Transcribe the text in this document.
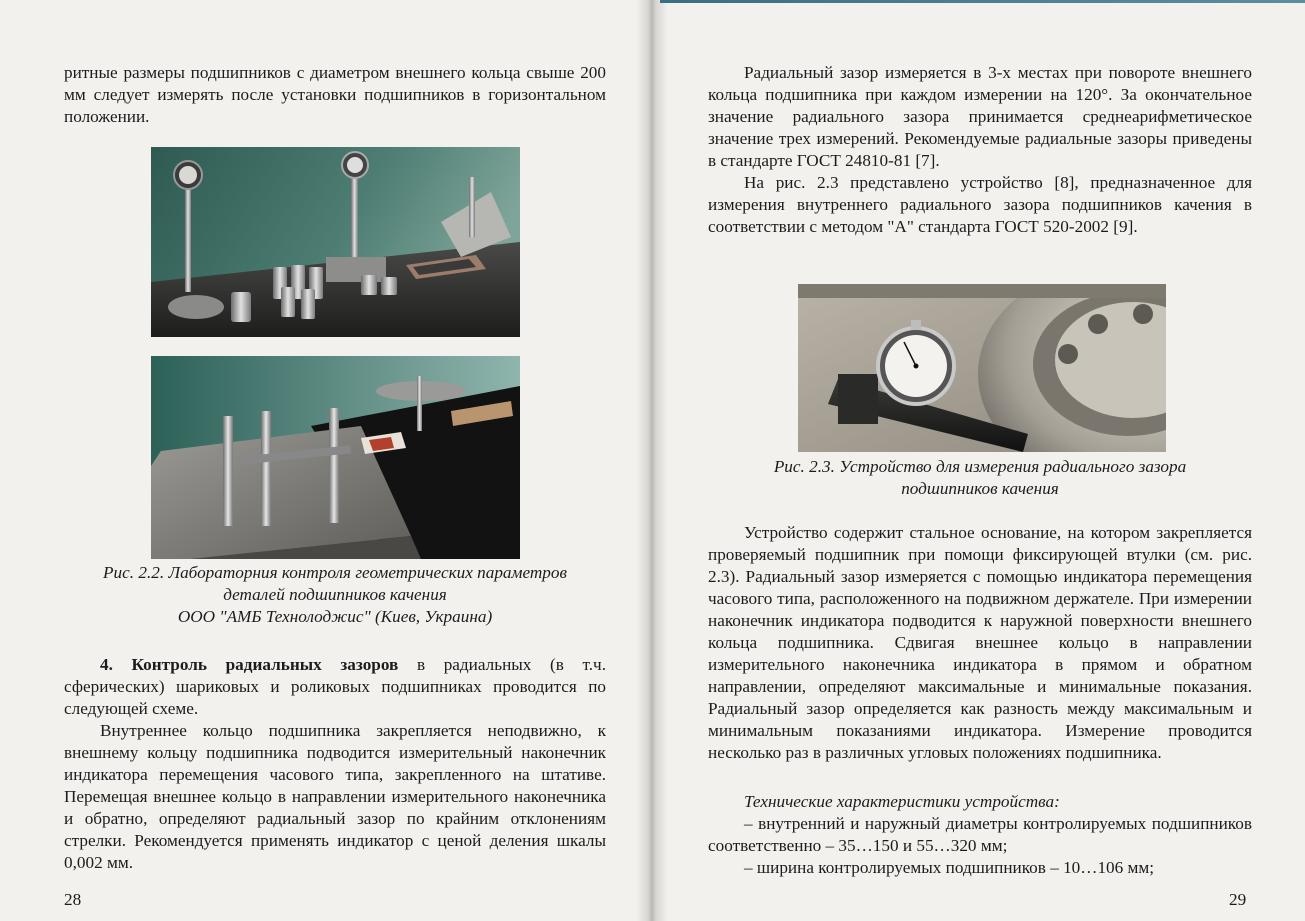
ритные размеры подшипников с диаметром внешнего кольца свыше 200 мм следует измерять после установки подшипников в горизонтальном положении.

Рис. 2.2. Лабораторния контроля геометрических параметров

деталей подшипников качения

ООО "АМБ Технолоджис" (Киев, Украина)

4. Контроль радиальных зазоров в радиальных (в т.ч. сферических) шариковых и роликовых подшипниках проводится по следующей схеме.

Внутреннее кольцо подшипника закрепляется неподвижно, к внешнему кольцу подшипника подводится измерительный наконечник индикатора перемещения часового типа, закрепленного на штативе. Перемещая внешнее кольцо в направлении измерительного наконечника и обратно, определяют радиальный зазор по крайним отклонениям стрелки. Рекомендуется применять индикатор с ценой деления шкалы 0,002 мм.

28

Радиальный зазор измеряется в 3-х местах при повороте внешнего кольца подшипника при каждом измерении на 120°. За окончательное значение радиального зазора принимается среднеарифметическое значение трех измерений. Рекомендуемые радиальные зазоры приведены в стандарте ГОСТ 24810-81 [7].

На рис. 2.3 представлено устройство [8], предназначенное для измерения внутреннего радиального зазора подшипников качения в соответствии с методом "А" стандарта ГОСТ 520-2002 [9].

Рис. 2.3. Устройство для измерения радиального зазора

подшипников качения

Устройство содержит стальное основание, на котором закрепляется проверяемый подшипник при помощи фиксирующей втулки (см. рис. 2.3). Радиальный зазор измеряется с помощью индикатора перемещения часового типа, расположенного на подвижном держателе. При измерении наконечник индикатора подводится к наружной поверхности внешнего кольца подшипника. Сдвигая внешнее кольцо в направлении измерительного наконечника индикатора в прямом и обратном направлении, определяют максимальные и минимальные показания. Радиальный зазор определяется как разность между максимальным и минимальным показаниями индикатора. Измерение проводится несколько раз в различных угловых положениях подшипника.

Технические характеристики устройства:

– внутренний и наружный диаметры контролируемых подшипников соответственно – 35…150 и 55…320 мм;

– ширина контролируемых подшипников – 10…106 мм;

29
